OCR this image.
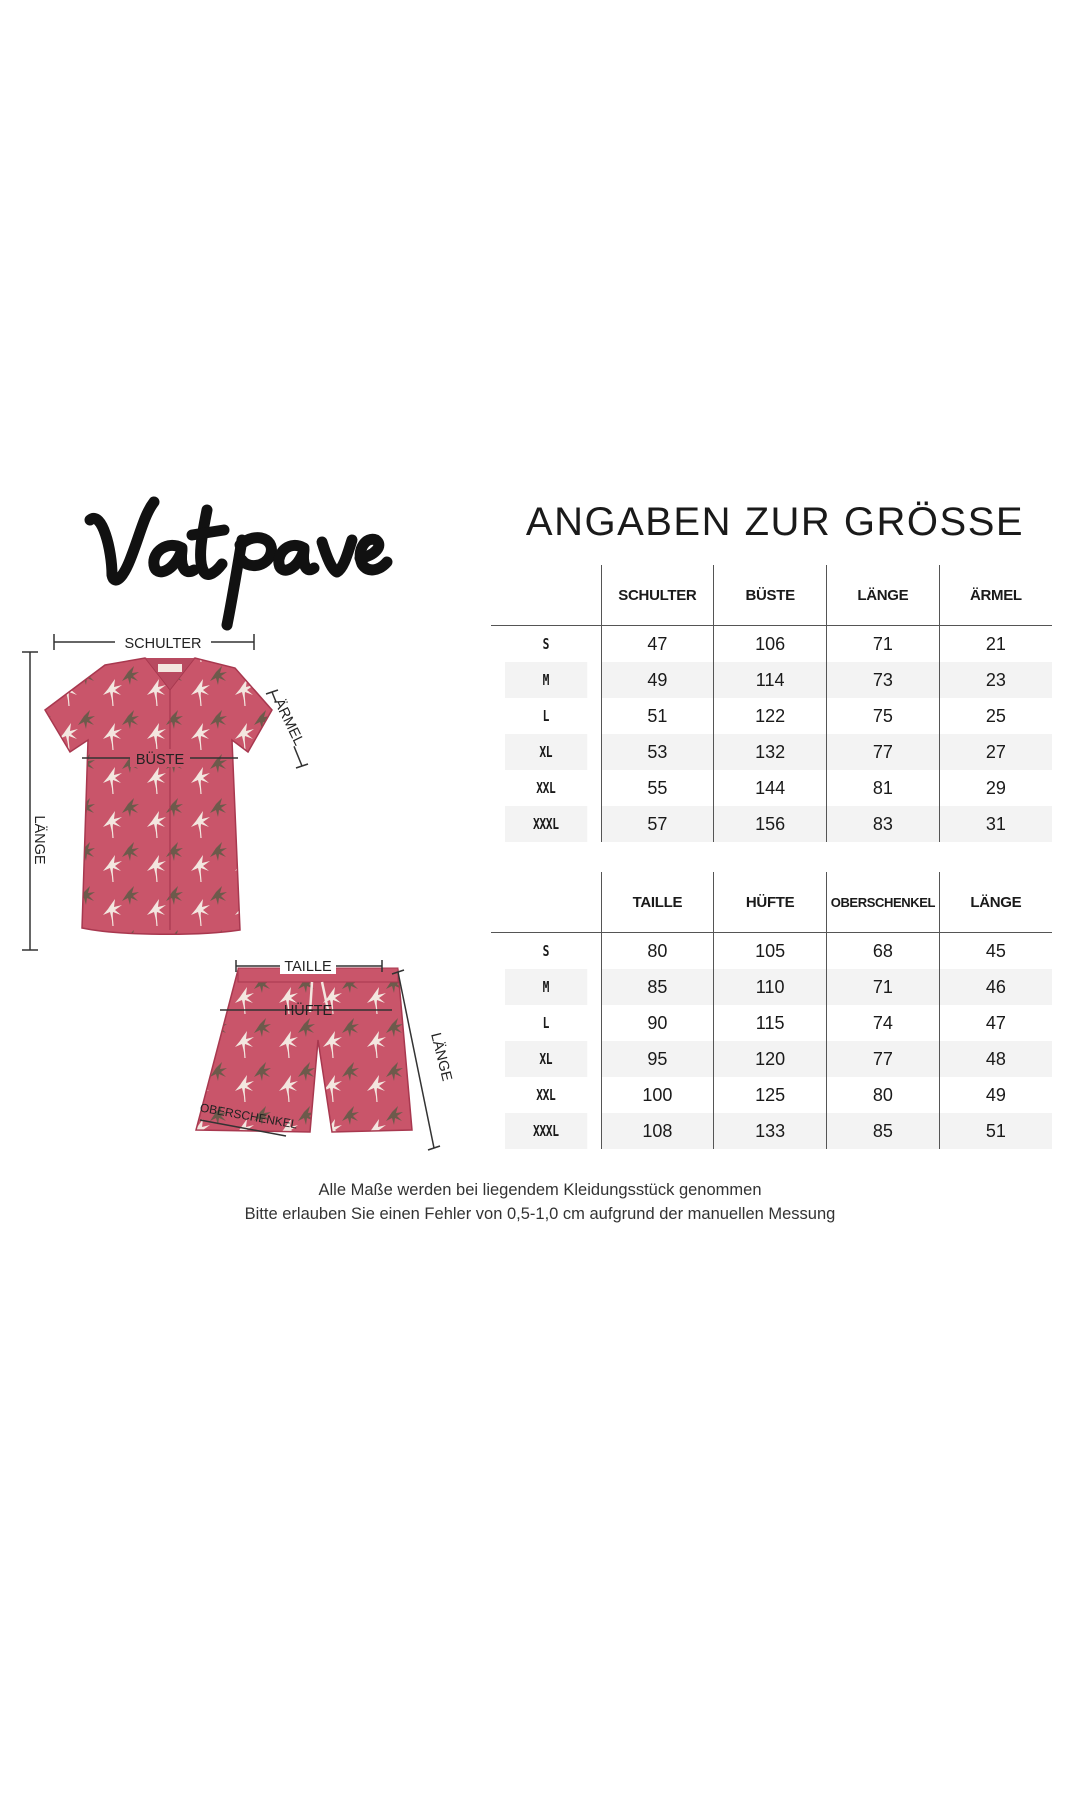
SCHULTER
BÜSTE
ÄRMEL
LÄNGE
TAILLE
HÜFTE
LÄNGE
OBERSCHENKEL
ANGABEN ZUR GRÖSSE
	SCHULTER	BÜSTE	LÄNGE	ÄRMEL
S	47	106	71	21
M	49	114	73	23
L	51	122	75	25
XL	53	132	77	27
XXL	55	144	81	29
XXXL	57	156	83	31
	TAILLE	HÜFTE	OBERSCHENKEL	LÄNGE
S	80	105	68	45
M	85	110	71	46
L	90	115	74	47
XL	95	120	77	48
XXL	100	125	80	49
XXXL	108	133	85	51
Alle Maße werden bei liegendem Kleidungsstück genommen
Bitte erlauben Sie einen Fehler von 0,5-1,0 cm aufgrund der manuellen Messung
